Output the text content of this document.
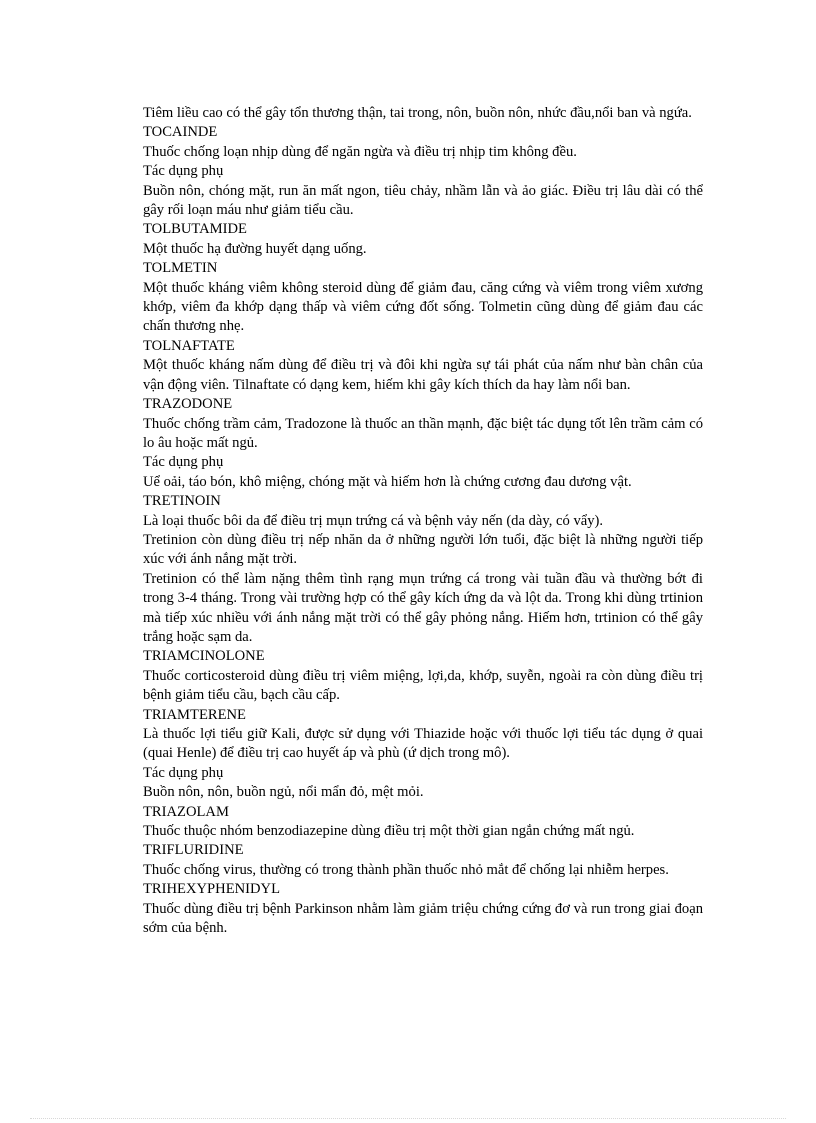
Tiêm liều cao có thể gây tổn thương thận, tai trong, nôn, buồn nôn, nhức đầu,nổi ban và ngứa.

TOCAINDE

Thuốc chống loạn nhịp dùng để ngăn ngừa và điều trị nhịp tim không đều.

Tác dụng phụ

Buồn nôn, chóng mặt, run ăn mất ngon, tiêu chảy, nhầm lẫn và ảo giác. Điều trị lâu dài có thể gây rối loạn máu như giảm tiểu cầu.

TOLBUTAMIDE

Một thuốc hạ đường huyết dạng uống.

TOLMETIN

Một thuốc kháng viêm không steroid dùng để giảm đau, căng cứng và viêm trong viêm xương khớp, viêm đa khớp dạng thấp và viêm cứng đốt sống. Tolmetin cũng dùng để giảm đau các chấn thương nhẹ.

TOLNAFTATE

Một thuốc kháng nấm dùng để điều trị và đôi khi ngừa sự tái phát của nấm như bàn chân của vận động viên. Tilnaftate có dạng kem, hiếm khi gây kích thích da hay làm nổi ban.

TRAZODONE

Thuốc chống trầm cảm, Tradozone là thuốc an thần mạnh, đặc biệt tác dụng tốt lên trầm cảm có lo âu hoặc mất ngủ.

Tác dụng phụ

Uể oải, táo bón, khô miệng, chóng mặt và hiếm hơn là chứng cương đau dương vật.

TRETINOIN

Là loại thuốc bôi da để điều trị mụn trứng cá và bệnh vảy nến (da dày, có vẩy).

Tretinion còn dùng điều trị nếp nhăn da ở những người lớn tuổi, đặc biệt là những người tiếp xúc với ánh nắng mặt trời.

Tretinion có thể làm nặng thêm tình rạng mụn trứng cá trong vài tuần đầu và thường bớt đi trong 3-4 tháng. Trong vài trường hợp có thể gây kích ứng da và lột da. Trong khi dùng trtinion mà tiếp xúc nhiều với ánh nắng mặt trời có thể gây phỏng nắng. Hiếm hơn, trtinion có thể gây trắng hoặc sạm da.

TRIAMCINOLONE

Thuốc corticosteroid dùng điều trị viêm miệng, lợi,da, khớp, suyễn, ngoài ra còn dùng điều trị bệnh giảm tiểu cầu, bạch cầu cấp.

TRIAMTERENE

Là thuốc lợi tiểu giữ Kali, được sử dụng với Thiazide hoặc với thuốc lợi tiểu tác dụng ở quai (quai Henle) để điều trị cao huyết áp và phù (ứ dịch trong mô).

Tác dụng phụ

Buồn nôn, nôn, buồn ngủ, nổi mẩn đỏ, mệt mỏi.

TRIAZOLAM

Thuốc thuộc nhóm benzodiazepine dùng điều trị một thời gian ngắn chứng mất ngủ.

TRIFLURIDINE

Thuốc chống virus, thường có trong thành phần thuốc nhỏ mắt để chống lại nhiễm herpes.

TRIHEXYPHENIDYL

Thuốc dùng điều trị bệnh Parkinson nhằm làm giảm triệu chứng cứng đơ và run trong giai đoạn sớm của bệnh.
